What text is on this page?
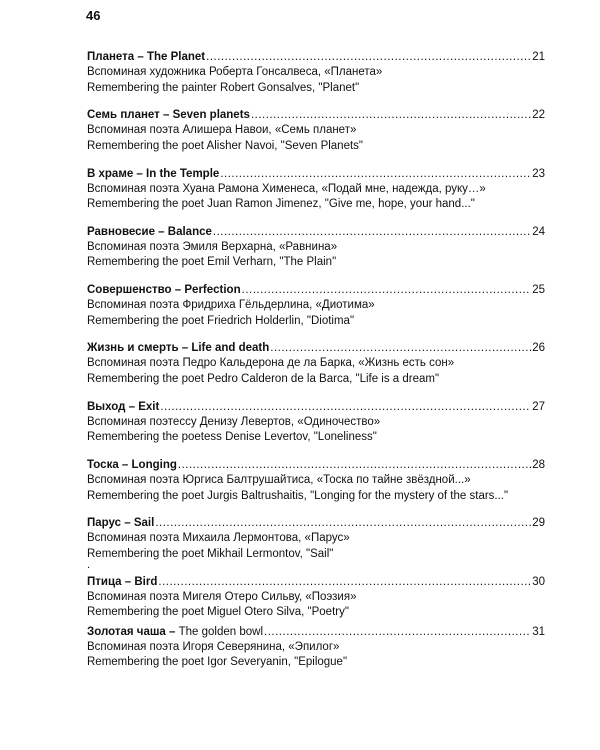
46
Планета – The Planet .....	21
Вспоминая художника Роберта Гонсалвеса, «Планета»
Remembering the painter Robert Gonsalves, "Planet"
Семь планет – Seven planets .....	22
Вспоминая поэта Алишера Навои, «Семь планет»
Remembering the poet Alisher Navoi, "Seven Planets"
В храме – In the Temple .....	23
Вспоминая поэта Хуана Рамона Хименеса, «Подай мне, надежда, руку…»
Remembering the poet Juan Ramon Jimenez, "Give me, hope, your hand..."
Равновесие – Balance .....	24
Вспоминая поэта Эмиля Верхарна, «Равнина»
Remembering the poet Emil Verharn, "The Plain"
Совершенство – Perfection .....	25
Вспоминая поэта Фридриха Гёльдерлина, «Диотима»
Remembering the poet Friedrich Holderlin, "Diotima"
Жизнь и смерть – Life and death .....	26
Вспоминая поэта Педро Кальдерона де ла Барка, «Жизнь есть сон»
Remembering the poet Pedro Calderon de la Barca, "Life is a dream"
Выход – Exit .....	27
Вспоминая поэтессу Денизу Левертов, «Одиночество»
Remembering the poetess Denise Levertov, "Loneliness"
Тоска – Longing .....	28
Вспоминая поэта Юргиса Балтрушайтиса, «Тоска по тайне звёздной...»
Remembering the poet Jurgis Baltrushaitis, "Longing for the mystery of the stars..."
Парус – Sail .....	29
Вспоминая поэта Михаила Лермонтова, «Парус»
Remembering the poet Mikhail Lermontov, "Sail"
.
Птица – Bird .....	30
Вспоминая поэта Мигеля Отеро Сильву, «Поэзия»
Remembering the poet Miguel Otero Silva, "Poetry"
Золотая чаша – The golden bowl .....	31
Вспоминая поэта Игоря Северянина, «Эпилог»
Remembering the poet Igor Severyanin, "Epilogue"
